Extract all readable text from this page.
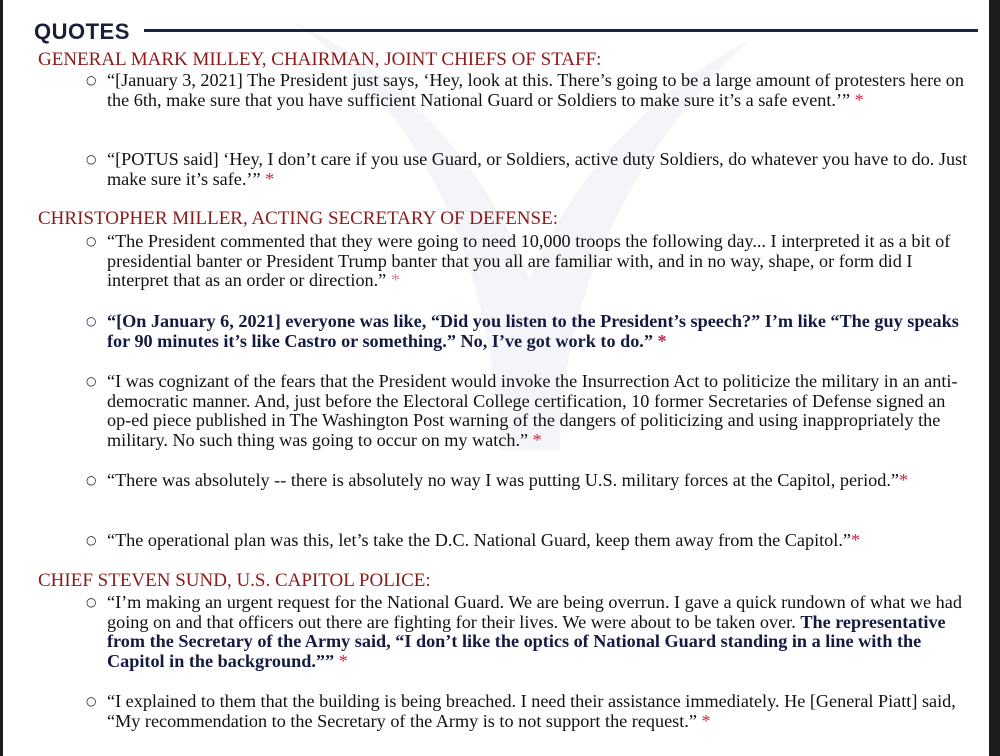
QUOTES
GENERAL MARK MILLEY, CHAIRMAN, JOINT CHIEFS OF STAFF:
○ “[January 3, 2021] The President just says, ‘Hey, look at this. There’s going to be a large amount of protesters here on the 6th, make sure that you have sufficient National Guard or Soldiers to make sure it’s a safe event.’” *
○ “[POTUS said] ‘Hey, I don’t care if you use Guard, or Soldiers, active duty Soldiers, do whatever you have to do. Just make sure it’s safe.’” *
CHRISTOPHER MILLER, ACTING SECRETARY OF DEFENSE:
○ “The President commented that they were going to need 10,000 troops the following day... I interpreted it as a bit of presidential banter or President Trump banter that you all are familiar with, and in no way, shape, or form did I interpret that as an order or direction.” *
○ “[On January 6, 2021] everyone was like, “Did you listen to the President’s speech?” I’m like “The guy speaks for 90 minutes it’s like Castro or something.” No, I’ve got work to do.” *
○ “I was cognizant of the fears that the President would invoke the Insurrection Act to politicize the military in an anti-democratic manner. And, just before the Electoral College certification, 10 former Secretaries of Defense signed an op-ed piece published in The Washington Post warning of the dangers of politicizing and using inappropriately the military. No such thing was going to occur on my watch.” *
○ “There was absolutely -- there is absolutely no way I was putting U.S. military forces at the Capitol, period.”*
○ “The operational plan was this, let’s take the D.C. National Guard, keep them away from the Capitol.”*
CHIEF STEVEN SUND, U.S. CAPITOL POLICE:
○ “I’m making an urgent request for the National Guard. We are being overrun. I gave a quick rundown of what we had going on and that officers out there are fighting for their lives. We were about to be taken over. The representative from the Secretary of the Army said, “I don’t like the optics of National Guard standing in a line with the Capitol in the background.”” *
○ “I explained to them that the building is being breached. I need their assistance immediately. He [General Piatt] said, “My recommendation to the Secretary of the Army is to not support the request.” *
